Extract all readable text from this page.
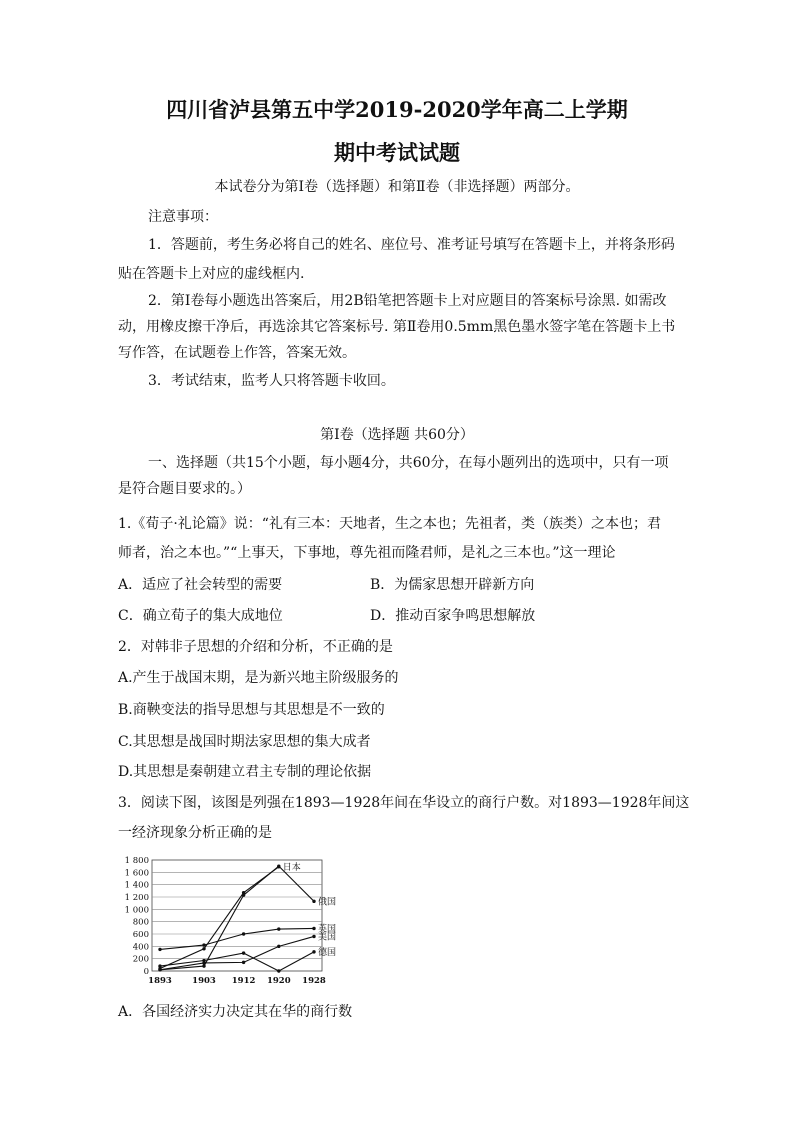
四川省泸县第五中学2019-2020学年高二上学期
期中考试试题
本试卷分为第Ⅰ卷（选择题）和第Ⅱ卷（非选择题）两部分。
注意事项：
1．答题前，考生务必将自己的姓名、座位号、准考证号填写在答题卡上，并将条形码
贴在答题卡上对应的虚线框内.
2．第Ⅰ卷每小题选出答案后，用2B铅笔把答题卡上对应题目的答案标号涂黑. 如需改
动，用橡皮擦干净后，再选涂其它答案标号. 第Ⅱ卷用0.5mm黑色墨水签字笔在答题卡上书
写作答，在试题卷上作答，答案无效。
3．考试结束，监考人只将答题卡收回。
第Ⅰ卷（选择题 共60分）
一、选择题（共15个小题，每小题4分，共60分，在每小题列出的选项中，只有一项
是符合题目要求的。）
1.《荀子·礼论篇》说：“礼有三本：天地者，生之本也；先祖者，类（族类）之本也；君
师者，治之本也。”“上事天，下事地，尊先祖而隆君师，是礼之三本也。”这一理论
A．适应了社会转型的需要	B．为儒家思想开辟新方向
C．确立荀子的集大成地位	D．推动百家争鸣思想解放
2．对韩非子思想的介绍和分析，不正确的是
A.产生于战国末期，是为新兴地主阶级服务的
B.商鞅变法的指导思想与其思想是不一致的
C.其思想是战国时期法家思想的集大成者
D.其思想是秦朝建立君主专制的理论依据
3．阅读下图，该图是列强在1893—1928年间在华设立的商行户数。对1893—1928年间这
一经济现象分析正确的是
0
200
400
600
800
1 000
1 200
1 400
1 600
1 800
1893 1903 1912 1920 1928
日本
俄国
英国
美国
德国
A．各国经济实力决定其在华的商行数
